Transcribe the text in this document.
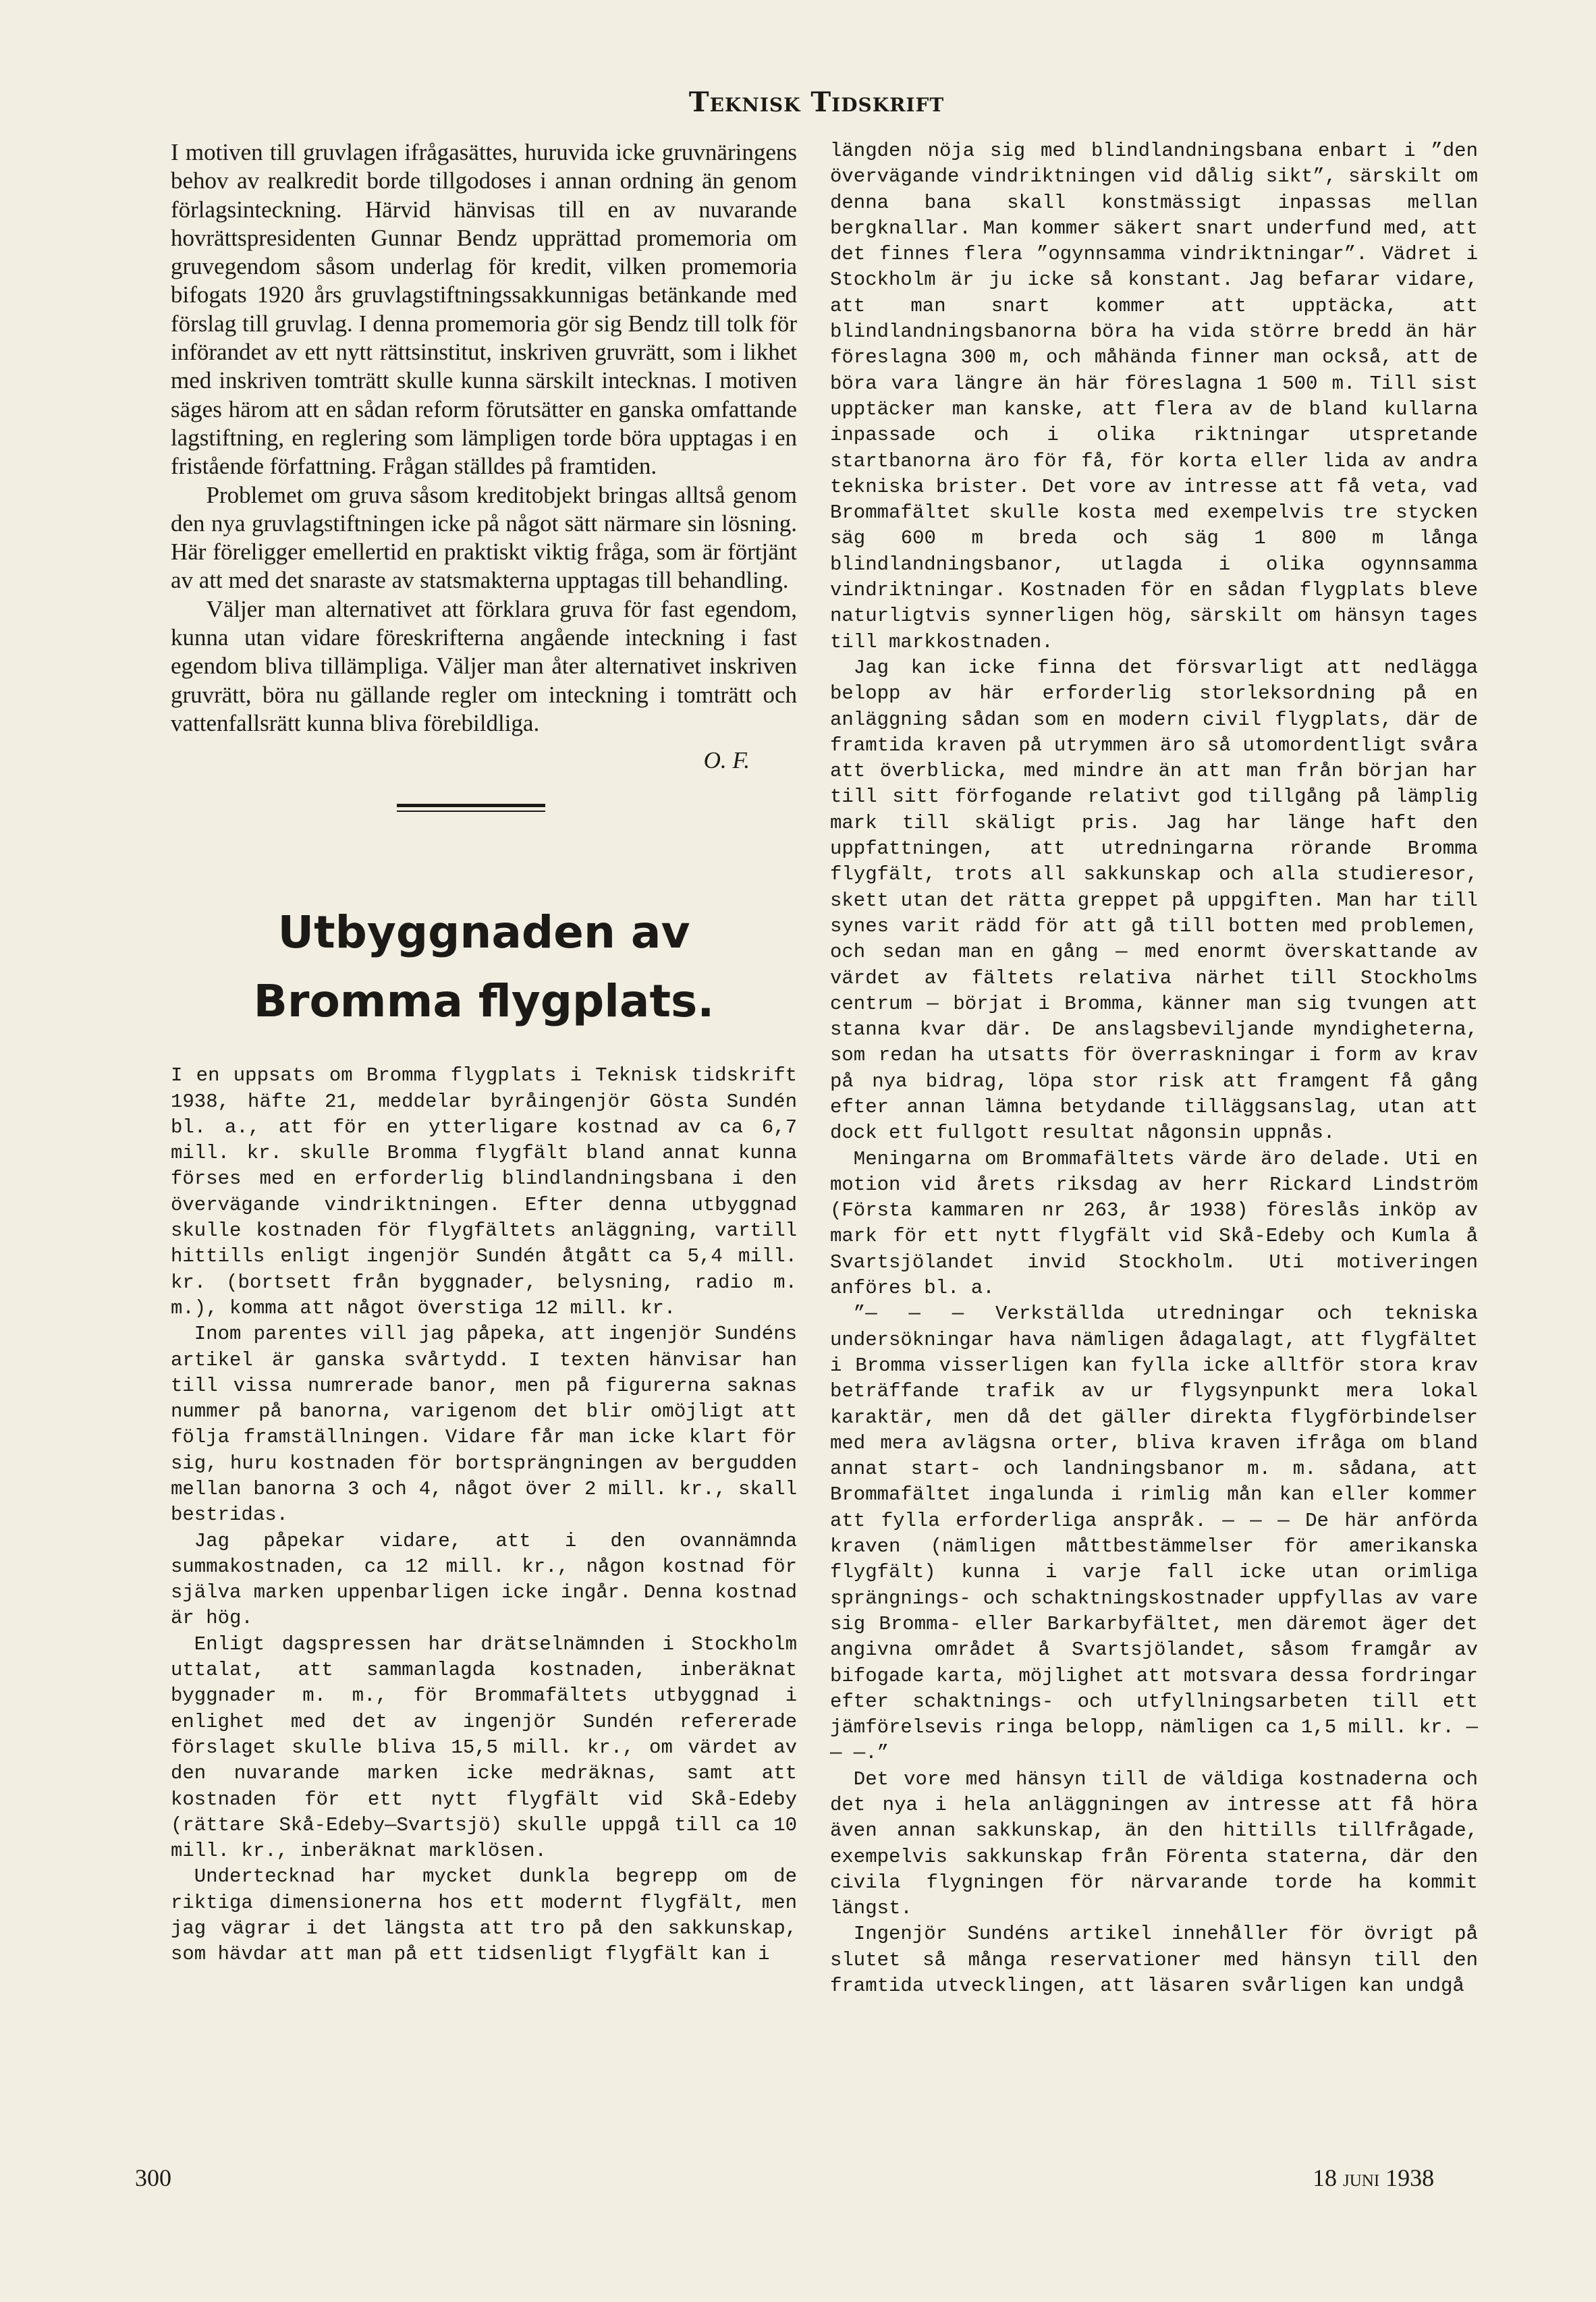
Teknisk Tidskrift

I motiven till gruvlagen ifrågasättes, huruvida icke gruvnäringens behov av realkredit borde tillgodoses i annan ordning än genom förlagsinteckning. Härvid hänvisas till en av nuvarande hovrättspresidenten Gunnar Bendz upprättad promemoria om gruvegendom såsom underlag för kredit, vilken promemoria bifogats 1920 års gruvlagstiftningssakkunnigas betänkande med förslag till gruvlag. I denna promemoria gör sig Bendz till tolk för införandet av ett nytt rättsinstitut, inskriven gruvrätt, som i likhet med inskriven tomträtt skulle kunna särskilt intecknas. I motiven säges härom att en sådan reform förutsätter en ganska omfattande lagstiftning, en reglering som lämpligen torde böra upptagas i en fristående författning. Frågan ställdes på framtiden.

Problemet om gruva såsom kreditobjekt bringas alltså genom den nya gruvlagstiftningen icke på något sätt närmare sin lösning. Här föreligger emellertid en praktiskt viktig fråga, som är förtjänt av att med det snaraste av statsmakterna upptagas till behandling.

Väljer man alternativet att förklara gruva för fast egendom, kunna utan vidare föreskrifterna angående inteckning i fast egendom bliva tillämpliga. Väljer man åter alternativet inskriven gruvrätt, böra nu gällande regler om inteckning i tomträtt och vattenfallsrätt kunna bliva förebildliga.

O. F.
Utbyggnaden av Bromma flygplats.

I en uppsats om Bromma flygplats i Teknisk tidskrift 1938, häfte 21, meddelar byråingenjör Gösta Sundén bl. a., att för en ytterligare kostnad av ca 6,7 mill. kr. skulle Bromma flygfält bland annat kunna förses med en erforderlig blindlandningsbana i den övervägande vindriktningen. Efter denna utbyggnad skulle kostnaden för flygfältets anläggning, vartill hittills enligt ingenjör Sundén åtgått ca 5,4 mill. kr. (bortsett från byggnader, belysning, radio m. m.), komma att något överstiga 12 mill. kr.

Inom parentes vill jag påpeka, att ingenjör Sundéns artikel är ganska svårtydd. I texten hänvisar han till vissa numrerade banor, men på figurerna saknas nummer på banorna, varigenom det blir omöjligt att följa framställningen. Vidare får man icke klart för sig, huru kostnaden för bortsprängningen av bergudden mellan banorna 3 och 4, något över 2 mill. kr., skall bestridas.

Jag påpekar vidare, att i den ovannämnda summakostnaden, ca 12 mill. kr., någon kostnad för själva marken uppenbarligen icke ingår. Denna kostnad är hög.

Enligt dagspressen har drätselnämnden i Stockholm uttalat, att sammanlagda kostnaden, inberäknat byggnader m. m., för Brommafältets utbyggnad i enlighet med det av ingenjör Sundén refererade förslaget skulle bliva 15,5 mill. kr., om värdet av den nuvarande marken icke medräknas, samt att kostnaden för ett nytt flygfält vid Skå-Edeby (rättare Skå-Edeby—Svartsjö) skulle uppgå till ca 10 mill. kr., inberäknat marklösen.

Undertecknad har mycket dunkla begrepp om de riktiga dimensionerna hos ett modernt flygfält, men jag vägrar i det längsta att tro på den sakkunskap, som hävdar att man på ett tidsenligt flygfält kan i

längden nöja sig med blindlandningsbana enbart i ”den övervägande vindriktningen vid dålig sikt”, särskilt om denna bana skall konstmässigt inpassas mellan bergknallar. Man kommer säkert snart underfund med, att det finnes flera ”ogynnsamma vindriktningar”. Vädret i Stockholm är ju icke så konstant. Jag befarar vidare, att man snart kommer att upptäcka, att blindlandningsbanorna böra ha vida större bredd än här föreslagna 300 m, och måhända finner man också, att de böra vara längre än här föreslagna 1 500 m. Till sist upptäcker man kanske, att flera av de bland kullarna inpassade och i olika riktningar utspretande startbanorna äro för få, för korta eller lida av andra tekniska brister. Det vore av intresse att få veta, vad Brommafältet skulle kosta med exempelvis tre stycken säg 600 m breda och säg 1 800 m långa blindlandningsbanor, utlagda i olika ogynnsamma vindriktningar. Kostnaden för en sådan flygplats bleve naturligtvis synnerligen hög, särskilt om hänsyn tages till markkostnaden.

Jag kan icke finna det försvarligt att nedlägga belopp av här erforderlig storleksordning på en anläggning sådan som en modern civil flygplats, där de framtida kraven på utrymmen äro så utomordentligt svåra att överblicka, med mindre än att man från början har till sitt förfogande relativt god tillgång på lämplig mark till skäligt pris. Jag har länge haft den uppfattningen, att utredningarna rörande Bromma flygfält, trots all sakkunskap och alla studieresor, skett utan det rätta greppet på uppgiften. Man har till synes varit rädd för att gå till botten med problemen, och sedan man en gång — med enormt överskattande av värdet av fältets relativa närhet till Stockholms centrum — börjat i Bromma, känner man sig tvungen att stanna kvar där. De anslagsbeviljande myndigheterna, som redan ha utsatts för överraskningar i form av krav på nya bidrag, löpa stor risk att framgent få gång efter annan lämna betydande tilläggsanslag, utan att dock ett fullgott resultat någonsin uppnås.

Meningarna om Brommafältets värde äro delade. Uti en motion vid årets riksdag av herr Rickard Lindström (Första kammaren nr 263, år 1938) föreslås inköp av mark för ett nytt flygfält vid Skå-Edeby och Kumla å Svartsjölandet invid Stockholm. Uti motiveringen anföres bl. a.

”— — — Verkställda utredningar och tekniska undersökningar hava nämligen ådagalagt, att flygfältet i Bromma visserligen kan fylla icke alltför stora krav beträffande trafik av ur flygsynpunkt mera lokal karaktär, men då det gäller direkta flygförbindelser med mera avlägsna orter, bliva kraven ifråga om bland annat start- och landningsbanor m. m. sådana, att Brommafältet ingalunda i rimlig mån kan eller kommer att fylla erforderliga anspråk. — — — De här anförda kraven (nämligen måttbestämmelser för amerikanska flygfält) kunna i varje fall icke utan orimliga sprängnings- och schaktningskostnader uppfyllas av vare sig Bromma- eller Barkarbyfältet, men däremot äger det angivna området å Svartsjölandet, såsom framgår av bifogade karta, möjlighet att motsvara dessa fordringar efter schaktnings- och utfyllningsarbeten till ett jämförelsevis ringa belopp, nämligen ca 1,5 mill. kr. — — —.”

Det vore med hänsyn till de väldiga kostnaderna och det nya i hela anläggningen av intresse att få höra även annan sakkunskap, än den hittills tillfrågade, exempelvis sakkunskap från Förenta staterna, där den civila flygningen för närvarande torde ha kommit längst.

Ingenjör Sundéns artikel innehåller för övrigt på slutet så många reservationer med hänsyn till den framtida utvecklingen, att läsaren svårligen kan undgå

300	18 juni 1938
